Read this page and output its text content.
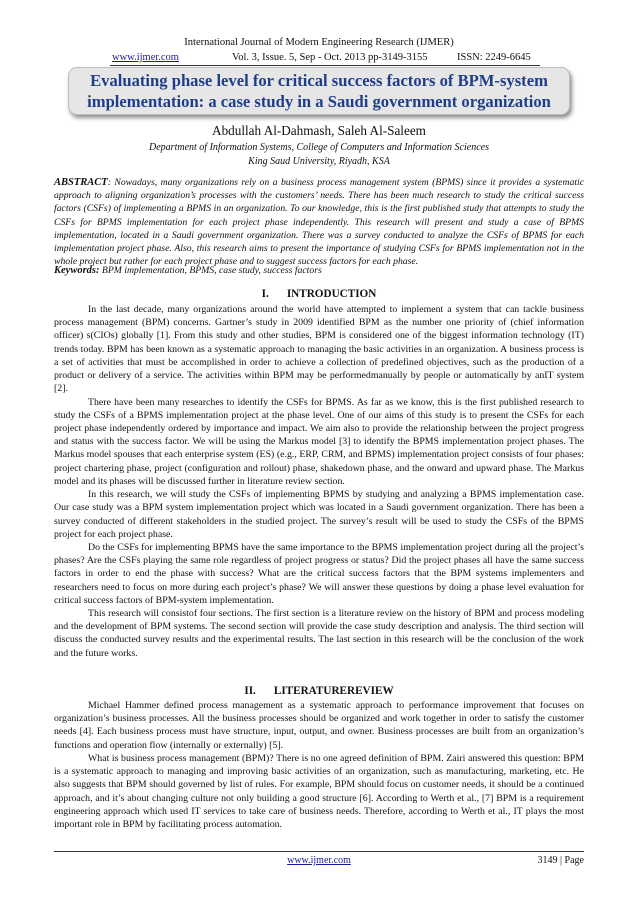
International Journal of Modern Engineering Research (IJMER)
www.ijmer.com	Vol. 3, Issue. 5, Sep - Oct. 2013 pp-3149-3155	ISSN: 2249-6645
Evaluating phase level for critical success factors of BPM-system implementation: a case study in a Saudi government organization
Abdullah Al-Dahmash, Saleh Al-Saleem
Department of Information Systems, College of Computers and Information Sciences
King Saud University, Riyadh, KSA
ABSTRACT: Nowadays, many organizations rely on a business process management system (BPMS) since it provides a systematic approach to aligning organization’s processes with the customers’ needs. There has been much research to study the critical success factors (CSFs) of implementing a BPMS in an organization. To our knowledge, this is the first published study that attempts to study the CSFs for BPMS implementation for each project phase independently. This research will present and study a case of BPMS implementation, located in a Saudi government organization. There was a survey conducted to analyze the CSFs of BPMS for each implementation project phase. Also, this research aims to present the importance of studying CSFs for BPMS implementation not in the whole project but rather for each project phase and to suggest success factors for each phase.
Keywords: BPM implementation, BPMS, case study, success factors
I. INTRODUCTION

In the last decade, many organizations around the world have attempted to implement a system that can tackle business process management (BPM) concerns. Gartner’s study in 2009 identified BPM as the number one priority of (chief information officer) s(CIOs) globally [1]. From this study and other studies, BPM is considered one of the biggest information technology (IT) trends today. BPM has been known as a systematic approach to managing the basic activities in an organization. A business process is a set of activities that must be accomplished in order to achieve a collection of predefined objectives, such as the production of a product or delivery of a service. The activities within BPM may be performedmanually by people or automatically by anIT system [2].

There have been many researches to identify the CSFs for BPMS. As far as we know, this is the first published research to study the CSFs of a BPMS implementation project at the phase level. One of our aims of this study is to present the CSFs for each project phase independently ordered by importance and impact. We aim also to provide the relationship between the project progress and status with the success factor. We will be using the Markus model [3] to identify the BPMS implementation project phases. The Markus model spouses that each enterprise system (ES) (e.g., ERP, CRM, and BPMS) implementation project consists of four phases: project chartering phase, project (configuration and rollout) phase, shakedown phase, and the onward and upward phase. The Markus model and its phases will be discussed further in literature review section.

In this research, we will study the CSFs of implementing BPMS by studying and analyzing a BPMS implementation case. Our case study was a BPM system implementation project which was located in a Saudi government organization. There has been a survey conducted of different stakeholders in the studied project. The survey’s result will be used to study the CSFs of the BPMS project for each project phase.

Do the CSFs for implementing BPMS have the same importance to the BPMS implementation project during all the project’s phases? Are the CSFs playing the same role regardless of project progress or status? Did the project phases all have the same success factors in order to end the phase with success? What are the critical success factors that the BPM systems implementers and researchers need to focus on more during each project’s phase? We will answer these questions by doing a phase level evaluation for critical success factors of BPM-system implementation.

This research will consistof four sections. The first section is a literature review on the history of BPM and process modeling and the development of BPM systems. The second section will provide the case study description and analysis. The third section will discuss the conducted survey results and the experimental results. The last section in this research will be the conclusion of the work and the future works.

II. LITERATUREREVIEW

Michael Hammer defined process management as a systematic approach to performance improvement that focuses on organization’s business processes. All the business processes should be organized and work together in order to satisfy the customer needs [4]. Each business process must have structure, input, output, and owner. Business processes are built from an organization’s functions and operation flow (internally or externally) [5].

What is business process management (BPM)? There is no one agreed definition of BPM. Zairi answered this question: BPM is a systematic approach to managing and improving basic activities of an organization, such as manufacturing, marketing, etc. He also suggests that BPM should governed by list of rules. For example, BPM should focus on customer needs, it should be a continued approach, and it’s about changing culture not only building a good structure [6]. According to Werth et al., [7] BPM is a requirement engineering approach which used IT services to take care of business needs. Therefore, according to Werth et al., IT plays the most important role in BPM by facilitating process automation.

www.ijmer.com	3149 | Page
